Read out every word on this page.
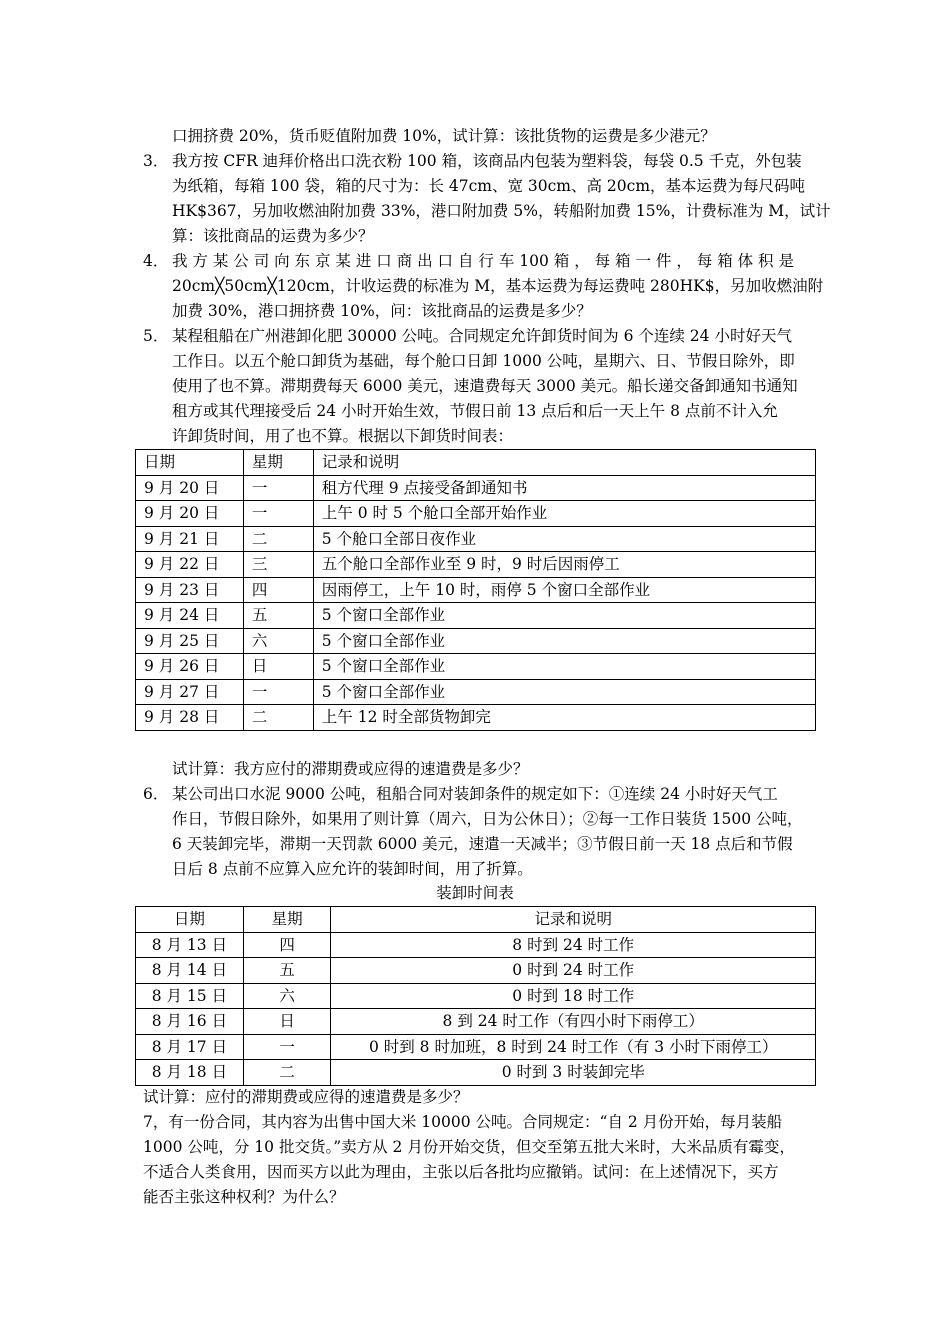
口拥挤费 20%，货币贬值附加费 10%，试计算：该批货物的运费是多少港元？
3． 我方按 CFR 迪拜价格出口洗衣粉 100 箱，该商品内包装为塑料袋，每袋 0.5 千克，外包装
为纸箱，每箱 100 袋，箱的尺寸为：长 47cm、宽 30cm、高 20cm，基本运费为每尺码吨
HK$367，另加收燃油附加费 33%，港口附加费 5%，转船附加费 15%，计费标准为 M，试计
算：该批商品的运费为多少？
4． 我 方 某 公 司 向 东 京 某 进 口 商 出 口 自 行 车 100 箱 ， 每 箱 一 件 ， 每 箱 体 积 是
20cm╳50cm╳120cm，计收运费的标准为 M，基本运费为每运费吨 280HK$，另加收燃油附
加费 30%，港口拥挤费 10%，问：该批商品的运费是多少？
5． 某程租船在广州港卸化肥 30000 公吨。合同规定允许卸货时间为 6 个连续 24 小时好天气
工作日。以五个舱口卸货为基础，每个舱口日卸 1000 公吨，星期六、日、节假日除外，即
使用了也不算。滞期费每天 6000 美元，速遣费每天 3000 美元。船长递交备卸通知书通知
租方或其代理接受后 24 小时开始生效，节假日前 13 点后和后一天上午 8 点前不计入允
许卸货时间，用了也不算。根据以下卸货时间表：
日期	星期	记录和说明
9 月 20 日	一	租方代理 9 点接受备卸通知书
9 月 20 日	一	上午 0 时 5 个舱口全部开始作业
9 月 21 日	二	5 个舱口全部日夜作业
9 月 22 日	三	五个舱口全部作业至 9 时，9 时后因雨停工
9 月 23 日	四	因雨停工，上午 10 时，雨停 5 个窗口全部作业
9 月 24 日	五	5 个窗口全部作业
9 月 25 日	六	5 个窗口全部作业
9 月 26 日	日	5 个窗口全部作业
9 月 27 日	一	5 个窗口全部作业
9 月 28 日	二	上午 12 时全部货物卸完
试计算：我方应付的滞期费或应得的速遣费是多少？
6． 某公司出口水泥 9000 公吨，租船合同对装卸条件的规定如下：①连续 24 小时好天气工
作日，节假日除外，如果用了则计算（周六，日为公休日）；②每一工作日装货 1500 公吨，
6 天装卸完毕，滞期一天罚款 6000 美元，速遣一天减半；③节假日前一天 18 点后和节假
日后 8 点前不应算入应允许的装卸时间，用了折算。
装卸时间表
日期	星期	记录和说明
8 月 13 日	四	8 时到 24 时工作
8 月 14 日	五	0 时到 24 时工作
8 月 15 日	六	0 时到 18 时工作
8 月 16 日	日	8 到 24 时工作（有四小时下雨停工）
8 月 17 日	一	0 时到 8 时加班，8 时到 24 时工作（有 3 小时下雨停工）
8 月 18 日	二	0 时到 3 时装卸完毕
试计算：应付的滞期费或应得的速遣费是多少？
7，有一份合同，其内容为出售中国大米 10000 公吨。合同规定：“自 2 月份开始，每月装船
1000 公吨，分 10 批交货。”卖方从 2 月份开始交货，但交至第五批大米时，大米品质有霉变，
不适合人类食用，因而买方以此为理由，主张以后各批均应撤销。试问：在上述情况下，买方
能否主张这种权利？为什么？
